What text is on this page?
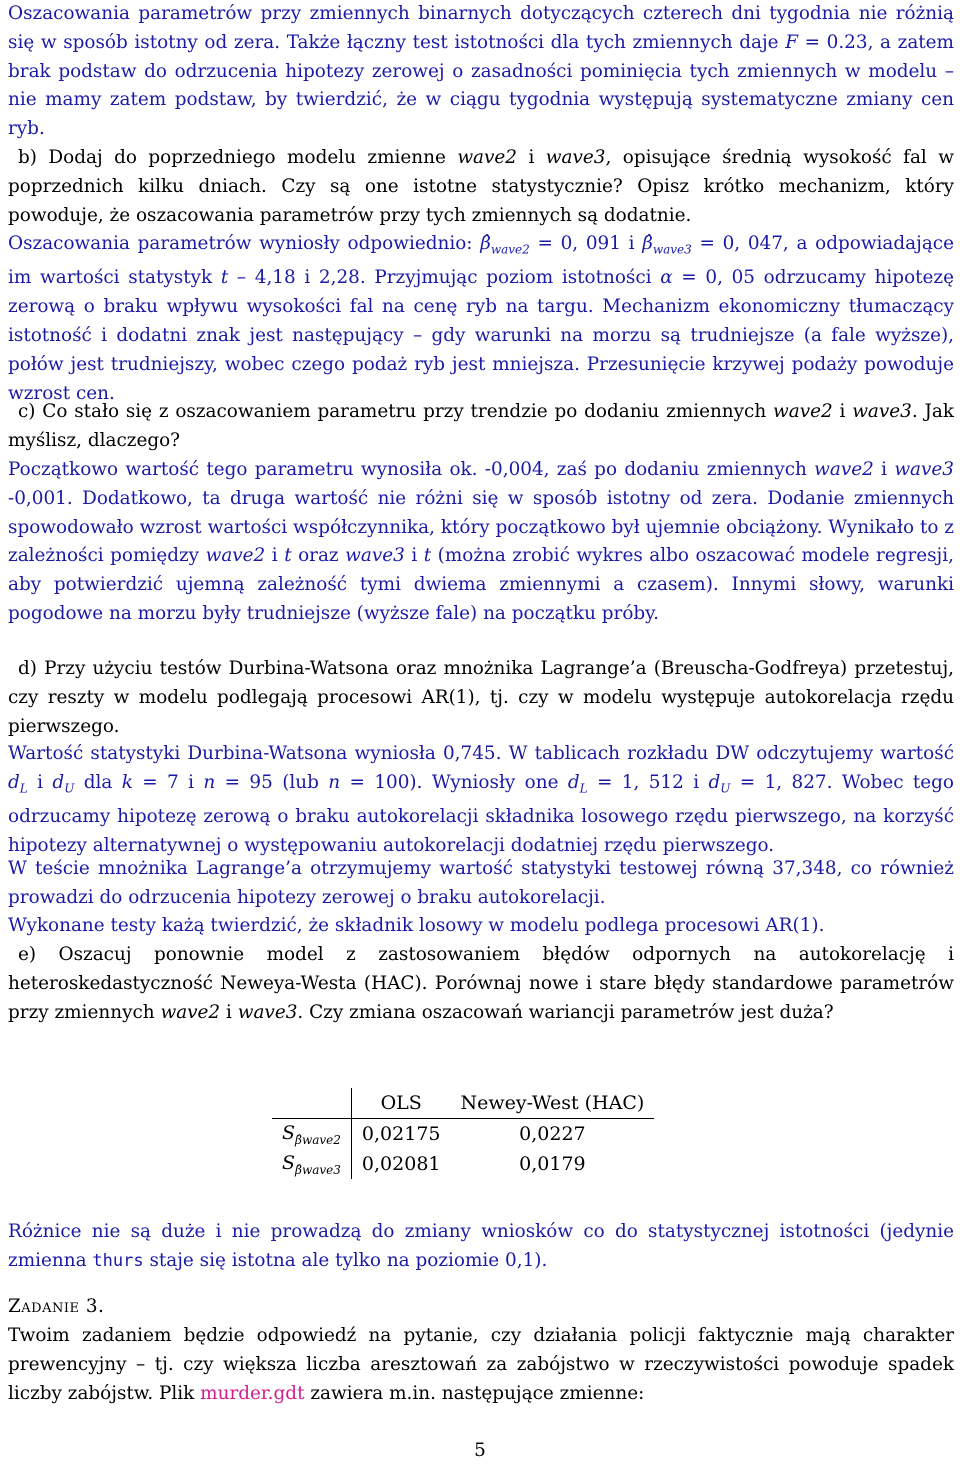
Oszacowania parametrów przy zmiennych binarnych dotyczących czterech dni tygodnia nie różnią się w sposób istotny od zera. Także łączny test istotności dla tych zmiennych daje F = 0.23, a zatem brak podstaw do odrzucenia hipotezy zerowej o zasadności pominięcia tych zmiennych w modelu – nie mamy zatem podstaw, by twierdzić, że w ciągu tygodnia występują systematyczne zmiany cen ryb.

b) Dodaj do poprzedniego modelu zmienne wave2 i wave3, opisujące średnią wysokość fal w poprzednich kilku dniach. Czy są one istotne statystycznie? Opisz krótko mechanizm, który powoduje, że oszacowania parametrów przy tych zmiennych są dodatnie.

Oszacowania parametrów wyniosły odpowiednio: $\betâ_{wave2} = 0$, 091 i $\betâ_{wave3} = 0$, 047, a odpowiadające im wartości statystyk t – 4,18 i 2,28. Przyjmując poziom istotności α = 0, 05 odrzucamy hipotezę zerową o braku wpływu wysokości fal na cenę ryb na targu. Mechanizm ekonomiczny tłumaczący istotność i dodatni znak jest następujący – gdy warunki na morzu są trudniejsze (a fale wyższe), połów jest trudniejszy, wobec czego podaż ryb jest mniejsza. Przesunięcie krzywej podaży powoduje wzrost cen.

c) Co stało się z oszacowaniem parametru przy trendzie po dodaniu zmiennych wave2 i wave3. Jak myślisz, dlaczego?

Początkowo wartość tego parametru wynosiła ok. -0,004, zaś po dodaniu zmiennych wave2 i wave3 -0,001. Dodatkowo, ta druga wartość nie różni się w sposób istotny od zera. Dodanie zmiennych spowodowało wzrost wartości współczynnika, który początkowo był ujemnie obciążony. Wynikało to z zależności pomiędzy wave2 i t oraz wave3 i t (można zrobić wykres albo oszacować modele regresji, aby potwierdzić ujemną zależność tymi dwiema zmiennymi a czasem). Innymi słowy, warunki pogodowe na morzu były trudniejsze (wyższe fale) na początku próby.

d) Przy użyciu testów Durbina-Watsona oraz mnożnika Lagrange’a (Breuscha-Godfreya) przetestuj, czy reszty w modelu podlegają procesowi AR(1), tj. czy w modelu występuje autokorelacja rzędu pierwszego.

Wartość statystyki Durbina-Watsona wyniosła 0,745. W tablicach rozkładu DW odczytujemy wartość $d_L$ i $d_U$ dla k = 7 i n = 95 (lub n = 100). Wyniosły one $d_L = 1$, 512 i $d_U = 1$, 827. Wobec tego odrzucamy hipotezę zerową o braku autokorelacji składnika losowego rzędu pierwszego, na korzyść hipotezy alternatywnej o występowaniu autokorelacji dodatniej rzędu pierwszego.

W teście mnożnika Lagrange’a otrzymujemy wartość statystyki testowej równą 37,348, co również prowadzi do odrzucenia hipotezy zerowej o braku autokorelacji.

Wykonane testy każą twierdzić, że składnik losowy w modelu podlega procesowi AR(1).

e) Oszacuj ponownie model z zastosowaniem błędów odpornych na autokorelację i heteroskedastyczność Neweya-Westa (HAC). Porównaj nowe i stare błędy standardowe parametrów przy zmiennych wave2 i wave3. Czy zmiana oszacowań wariancji parametrów jest duża?

	OLS	Newey-West (HAC)
$S_{\betâwave2}$	0,02175	0,0227
$S_{\betâwave3}$	0,02081	0,0179

Różnice nie są duże i nie prowadzą do zmiany wniosków co do statystycznej istotności (jedynie zmienna thurs staje się istotna ale tylko na poziomie 0,1).

Zadanie 3.

Twoim zadaniem będzie odpowiedź na pytanie, czy działania policji faktycznie mają charakter prewencyjny – tj. czy większa liczba aresztowań za zabójstwo w rzeczywistości powoduje spadek liczby zabójstw. Plik murder.gdt zawiera m.in. następujące zmienne:

5
